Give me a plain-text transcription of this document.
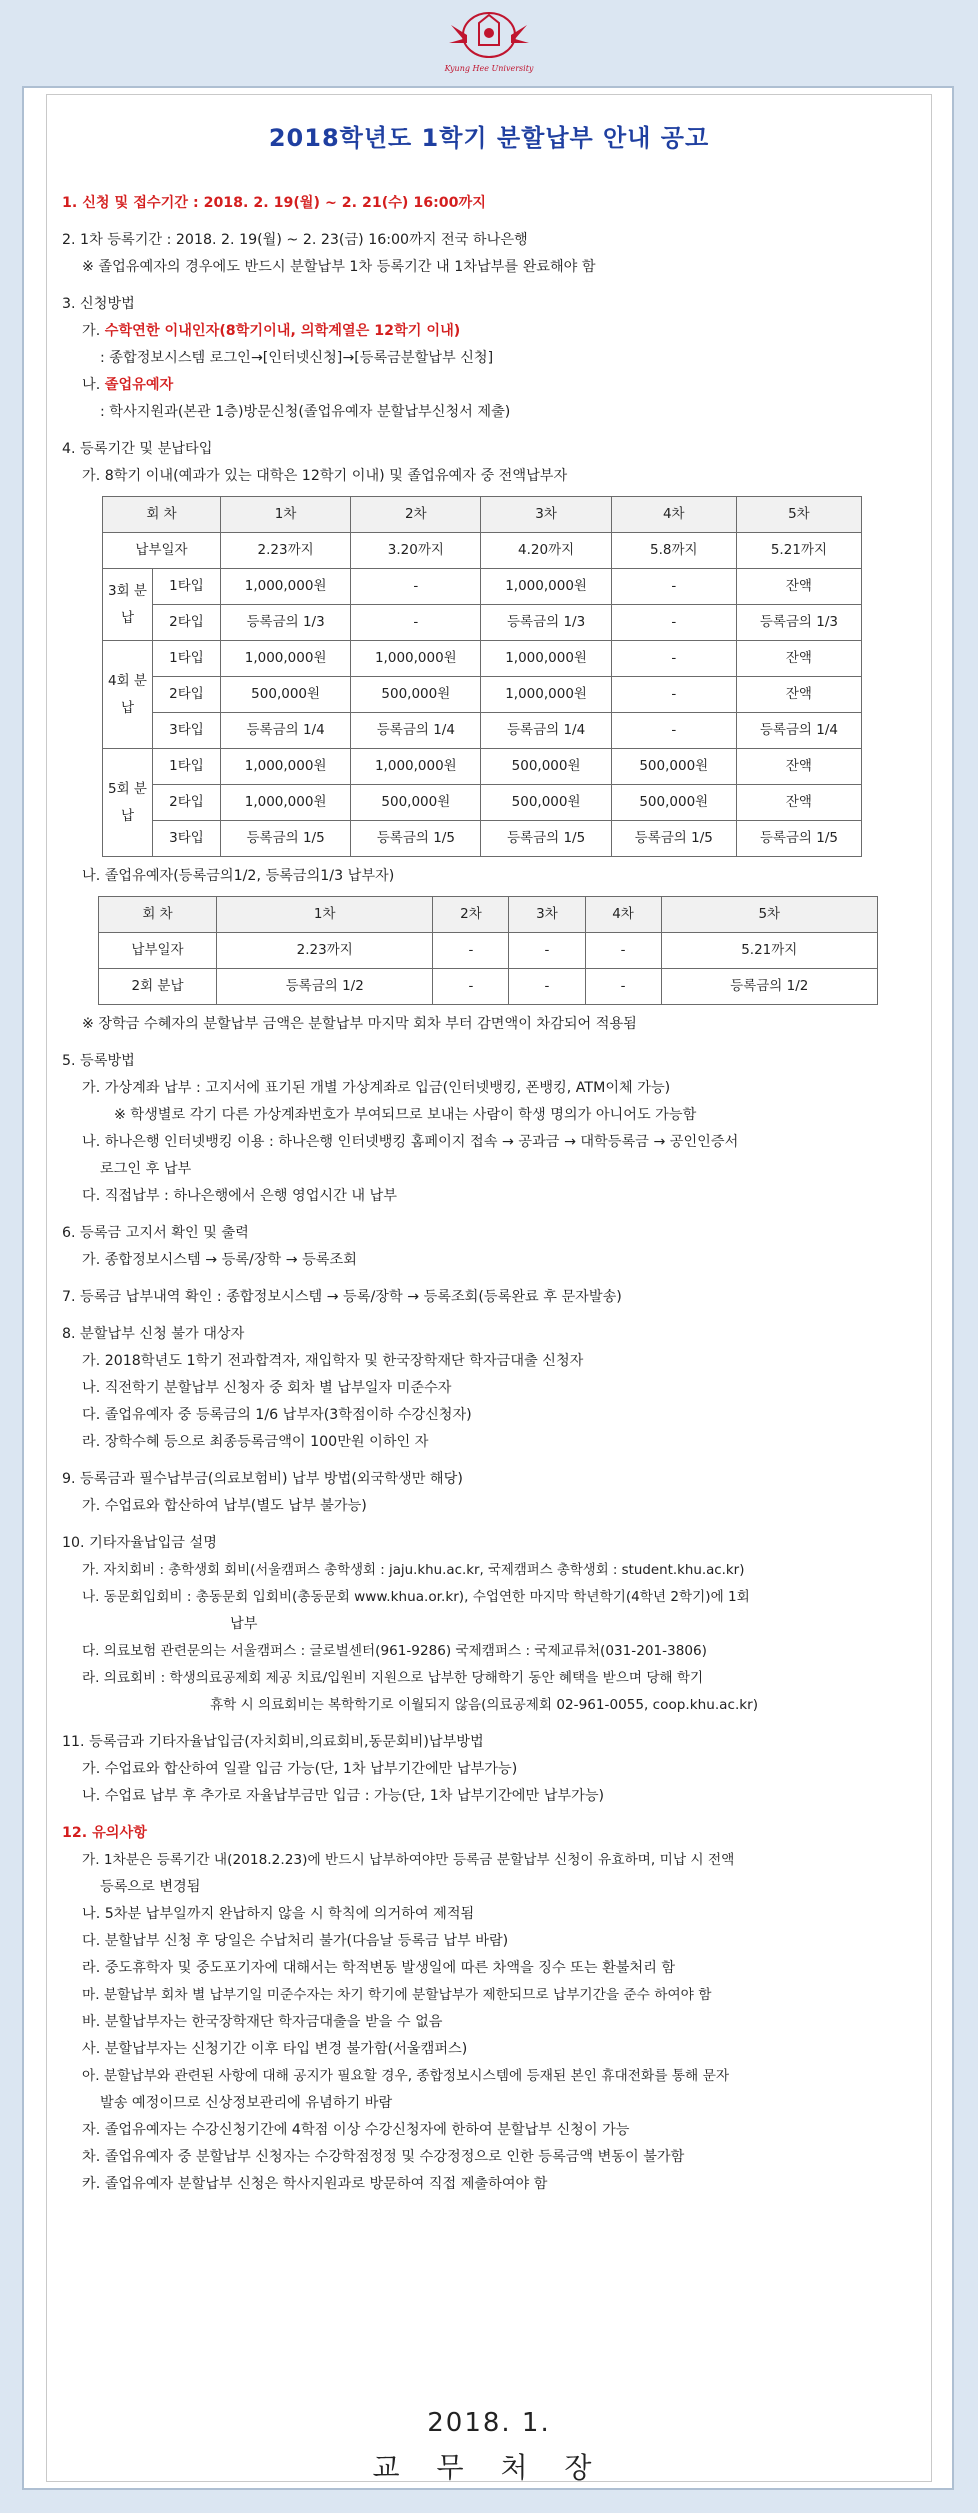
Kyung Hee University
2018학년도 1학기 분할납부 안내 공고
1. 신청 및 접수기간 : 2018. 2. 19(월) ~ 2. 21(수) 16:00까지
2. 1차 등록기간 : 2018. 2. 19(월) ~ 2. 23(금) 16:00까지 전국 하나은행
※ 졸업유예자의 경우에도 반드시 분할납부 1차 등록기간 내 1차납부를 완료해야 함
3. 신청방법
가. 수학연한 이내인자(8학기이내, 의학계열은 12학기 이내)
: 종합정보시스템 로그인→[인터넷신청]→[등록금분할납부 신청]
나. 졸업유예자
: 학사지원과(본관 1층)방문신청(졸업유예자 분할납부신청서 제출)
4. 등록기간 및 분납타입
가. 8학기 이내(예과가 있는 대학은 12학기 이내) 및 졸업유예자 중 전액납부자
회 차		1차	2차	3차	4차	5차
납부일자		2.23까지	3.20까지	4.20까지	5.8까지	5.21까지
3회 분납	1타입	1,000,000원	-	1,000,000원	-	잔액
	2타입	등록금의 1/3	-	등록금의 1/3	-	등록금의 1/3
4회 분납	1타입	1,000,000원	1,000,000원	1,000,000원	-	잔액
	2타입	500,000원	500,000원	1,000,000원	-	잔액
	3타입	등록금의 1/4	등록금의 1/4	등록금의 1/4	-	등록금의 1/4
5회 분납	1타입	1,000,000원	1,000,000원	500,000원	500,000원	잔액
	2타입	1,000,000원	500,000원	500,000원	500,000원	잔액
	3타입	등록금의 1/5	등록금의 1/5	등록금의 1/5	등록금의 1/5	등록금의 1/5
나. 졸업유예자(등록금의1/2, 등록금의1/3 납부자)
회 차	1차	2차	3차	4차	5차
납부일자	2.23까지	-	-	-	5.21까지
2회 분납	등록금의 1/2	-	-	-	등록금의 1/2
※ 장학금 수혜자의 분할납부 금액은 분할납부 마지막 회차 부터 감면액이 차감되어 적용됨
5. 등록방법
가. 가상계좌 납부 : 고지서에 표기된 개별 가상계좌로 입금(인터넷뱅킹, 폰뱅킹, ATM이체 가능)
※ 학생별로 각기 다른 가상계좌번호가 부여되므로 보내는 사람이 학생 명의가 아니어도 가능함
나. 하나은행 인터넷뱅킹 이용 : 하나은행 인터넷뱅킹 홈페이지 접속 → 공과금 → 대학등록금 → 공인인증서
로그인 후 납부
다. 직접납부 : 하나은행에서 은행 영업시간 내 납부
6. 등록금 고지서 확인 및 출력
가. 종합정보시스템 → 등록/장학 → 등록조회
7. 등록금 납부내역 확인 : 종합정보시스템 → 등록/장학 → 등록조회(등록완료 후 문자발송)
8. 분할납부 신청 불가 대상자
가. 2018학년도 1학기 전과합격자, 재입학자 및 한국장학재단 학자금대출 신청자
나. 직전학기 분할납부 신청자 중 회차 별 납부일자 미준수자
다. 졸업유예자 중 등록금의 1/6 납부자(3학점이하 수강신청자)
라. 장학수혜 등으로 최종등록금액이 100만원 이하인 자
9. 등록금과 필수납부금(의료보험비) 납부 방법(외국학생만 해당)
가. 수업료와 합산하여 납부(별도 납부 불가능)
10. 기타자율납입금 설명
가. 자치회비 : 총학생회 회비(서울캠퍼스 총학생회 : jaju.khu.ac.kr, 국제캠퍼스 총학생회 : student.khu.ac.kr)
나. 동문회입회비 : 총동문회 입회비(총동문회 www.khua.or.kr), 수업연한 마지막 학년학기(4학년 2학기)에 1회
납부
다. 의료보험 관련문의는 서울캠퍼스 : 글로벌센터(961-9286) 국제캠퍼스 : 국제교류처(031-201-3806)
라. 의료회비 : 학생의료공제회 제공 치료/입원비 지원으로 납부한 당해학기 동안 혜택을 받으며 당해 학기
휴학 시 의료회비는 복학학기로 이월되지 않음(의료공제회 02-961-0055, coop.khu.ac.kr)
11. 등록금과 기타자율납입금(자치회비,의료회비,동문회비)납부방법
가. 수업료와 합산하여 일괄 입금 가능(단, 1차 납부기간에만 납부가능)
나. 수업료 납부 후 추가로 자율납부금만 입금 : 가능(단, 1차 납부기간에만 납부가능)
12. 유의사항
가. 1차분은 등록기간 내(2018.2.23)에 반드시 납부하여야만 등록금 분할납부 신청이 유효하며, 미납 시 전액
등록으로 변경됨
나. 5차분 납부일까지 완납하지 않을 시 학칙에 의거하여 제적됨
다. 분할납부 신청 후 당일은 수납처리 불가(다음날 등록금 납부 바람)
라. 중도휴학자 및 중도포기자에 대해서는 학적변동 발생일에 따른 차액을 징수 또는 환불처리 함
마. 분할납부 회차 별 납부기일 미준수자는 차기 학기에 분할납부가 제한되므로 납부기간을 준수 하여야 함
바. 분할납부자는 한국장학재단 학자금대출을 받을 수 없음
사. 분할납부자는 신청기간 이후 타입 변경 불가함(서울캠퍼스)
아. 분할납부와 관련된 사항에 대해 공지가 필요할 경우, 종합정보시스템에 등재된 본인 휴대전화를 통해 문자
발송 예정이므로 신상정보관리에 유념하기 바람
자. 졸업유예자는 수강신청기간에 4학점 이상 수강신청자에 한하여 분할납부 신청이 가능
차. 졸업유예자 중 분할납부 신청자는 수강학점정정 및 수강정정으로 인한 등록금액 변동이 불가함
카. 졸업유예자 분할납부 신청은 학사지원과로 방문하여 직접 제출하여야 함
2018. 1.
교 무 처 장
